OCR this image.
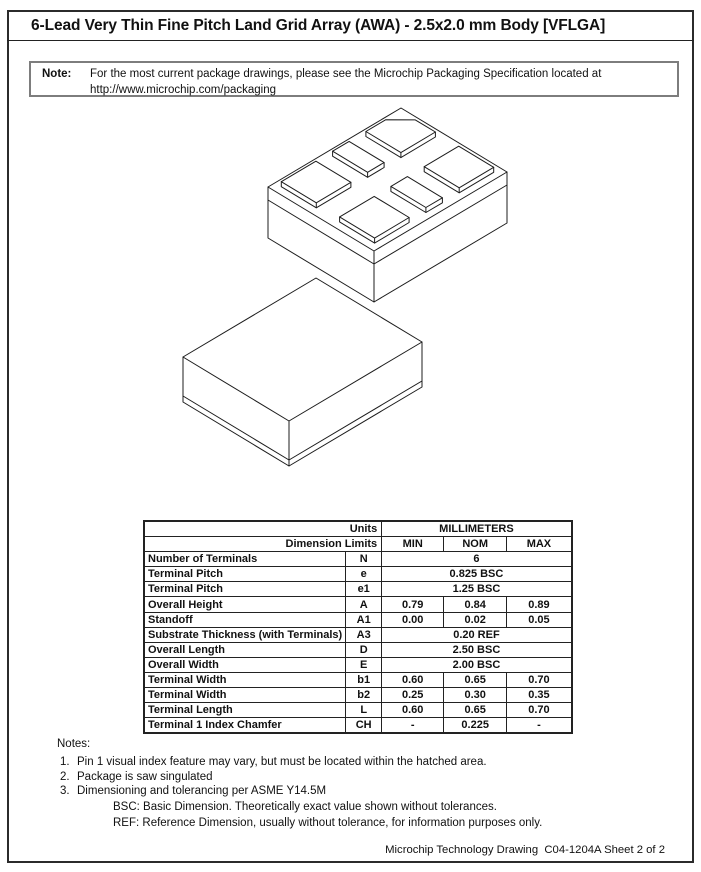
6-Lead Very Thin Fine Pitch Land Grid Array (AWA) - 2.5x2.0 mm Body [VFLGA]
Note: For the most current package drawings, please see the Microchip Packaging Specification located at
http://www.microchip.com/packaging
Units		MILLIMETERS		
Dimension Limits		MIN	NOM	MAX
Number of Terminals	N	6		
Terminal Pitch	e	0.825 BSC		
Terminal Pitch	e1	1.25 BSC		
Overall Height	A	0.79	0.84	0.89
Standoff	A1	0.00	0.02	0.05
Substrate Thickness (with Terminals)	A3	0.20 REF		
Overall Length	D	2.50 BSC		
Overall Width	E	2.00 BSC		
Terminal Width	b1	0.60	0.65	0.70
Terminal Width	b2	0.25	0.30	0.35
Terminal Length	L	0.60	0.65	0.70
Terminal 1 Index Chamfer	CH	-	0.225	-
Notes:
1. Pin 1 visual index feature may vary, but must be located within the hatched area.
2. Package is saw singulated
3. Dimensioning and tolerancing per ASME Y14.5M
BSC: Basic Dimension. Theoretically exact value shown without tolerances.
REF: Reference Dimension, usually without tolerance, for information purposes only.
Microchip Technology Drawing  C04-1204A Sheet 2 of 2
